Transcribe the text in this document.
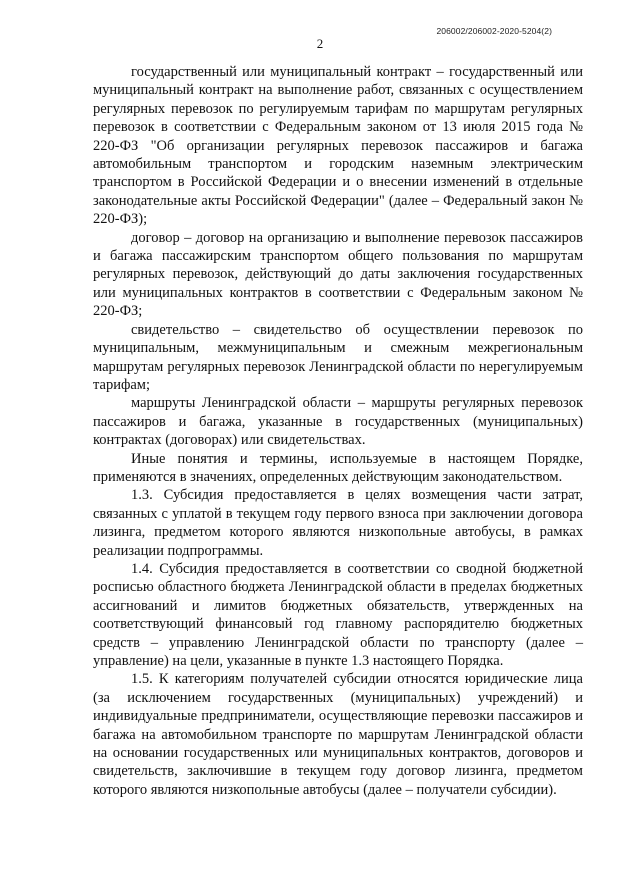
206002/206002-2020-5204(2)
2

государственный или муниципальный контракт – государственный или муниципальный контракт на выполнение работ, связанных с осуществлением регулярных перевозок по регулируемым тарифам по маршрутам регулярных перевозок в соответствии с Федеральным законом от 13 июля 2015 года № 220-ФЗ "Об организации регулярных перевозок пассажиров и багажа автомобильным транспортом и городским наземным электрическим транспортом в Российской Федерации и о внесении изменений в отдельные законодательные акты Российской Федерации" (далее – Федеральный закон № 220-ФЗ);

договор – договор на организацию и выполнение перевозок пассажиров и багажа пассажирским транспортом общего пользования по маршрутам регулярных перевозок, действующий до даты заключения государственных или муниципальных контрактов в соответствии с Федеральным законом № 220-ФЗ;

свидетельство – свидетельство об осуществлении перевозок по муниципальным, межмуниципальным и смежным межрегиональным маршрутам регулярных перевозок Ленинградской области по нерегулируемым тарифам;

маршруты Ленинградской области – маршруты регулярных перевозок пассажиров и багажа, указанные в государственных (муниципальных) контрактах (договорах) или свидетельствах.

Иные понятия и термины, используемые в настоящем Порядке, применяются в значениях, определенных действующим законодательством.

1.3. Субсидия предоставляется в целях возмещения части затрат, связанных с уплатой в текущем году первого взноса при заключении договора лизинга, предметом которого являются низкопольные автобусы, в рамках реализации подпрограммы.

1.4. Субсидия предоставляется в соответствии со сводной бюджетной росписью областного бюджета Ленинградской области в пределах бюджетных ассигнований и лимитов бюджетных обязательств, утвержденных на соответствующий финансовый год главному распорядителю бюджетных средств – управлению Ленинградской области по транспорту (далее – управление) на цели, указанные в пункте 1.3 настоящего Порядка.

1.5. К категориям получателей субсидии относятся юридические лица (за исключением государственных (муниципальных) учреждений) и индивидуальные предприниматели, осуществляющие перевозки пассажиров и багажа на автомобильном транспорте по маршрутам Ленинградской области на основании государственных или муниципальных контрактов, договоров и свидетельств, заключившие в текущем году договор лизинга, предметом которого являются низкопольные автобусы (далее – получатели субсидии).
